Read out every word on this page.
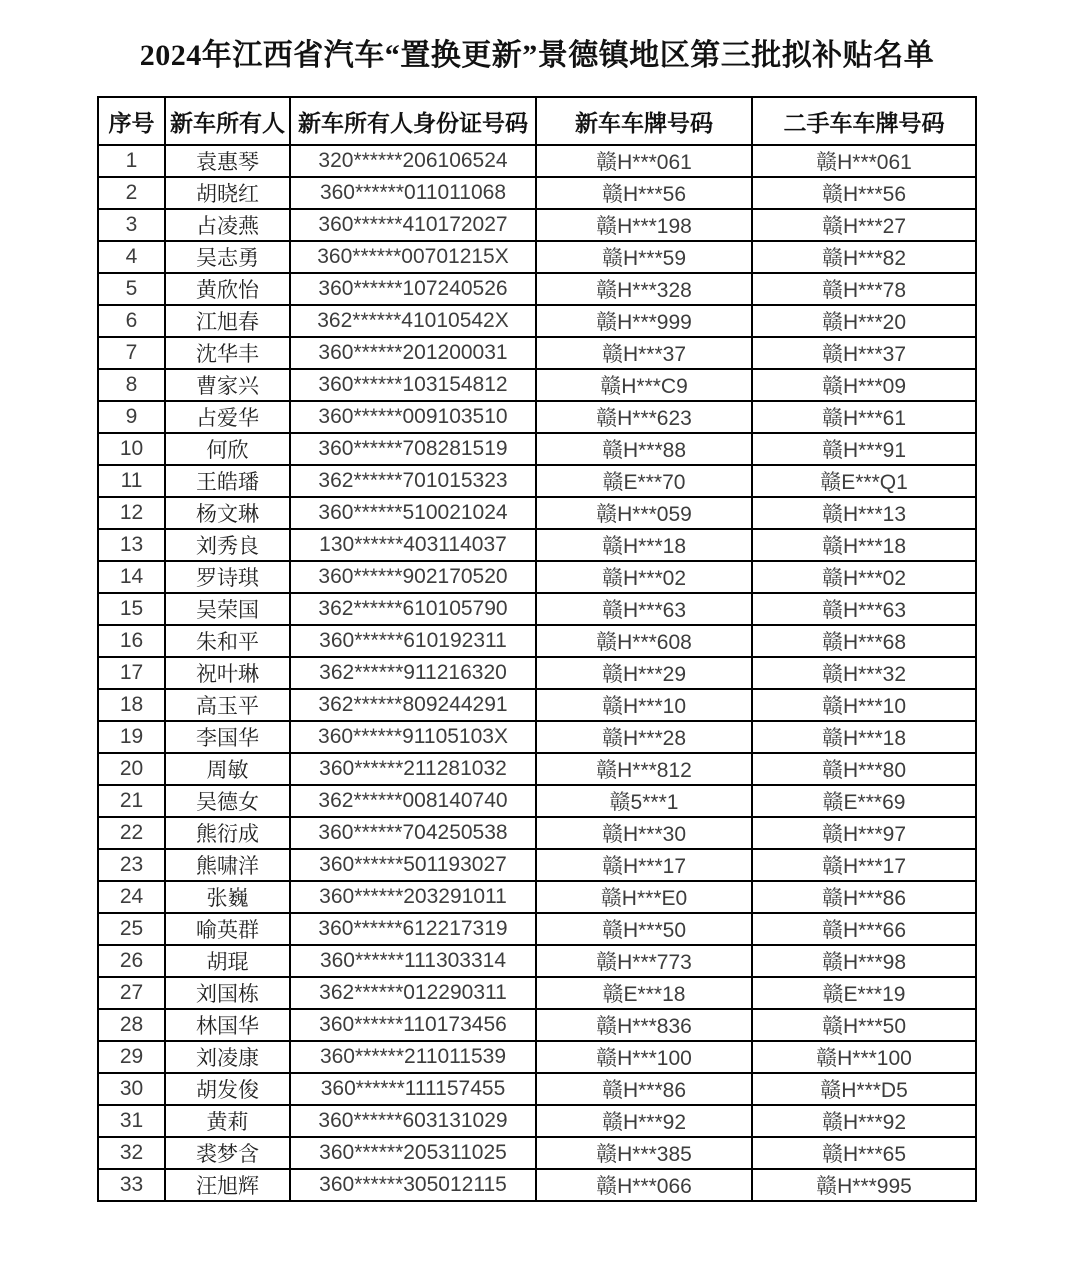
2024年江西省汽车“置换更新”景德镇地区第三批拟补贴名单
序号	新车所有人	新车所有人身份证号码	新车车牌号码	二手车车牌号码
1	袁惠琴	320******206106524	赣H***061	赣H***061
2	胡晓红	360******011011068	赣H***56	赣H***56
3	占凌燕	360******410172027	赣H***198	赣H***27
4	吴志勇	360******00701215X	赣H***59	赣H***82
5	黄欣怡	360******107240526	赣H***328	赣H***78
6	江旭春	362******41010542X	赣H***999	赣H***20
7	沈华丰	360******201200031	赣H***37	赣H***37
8	曹家兴	360******103154812	赣H***C9	赣H***09
9	占爱华	360******009103510	赣H***623	赣H***61
10	何欣	360******708281519	赣H***88	赣H***91
11	王皓璠	362******701015323	赣E***70	赣E***Q1
12	杨文琳	360******510021024	赣H***059	赣H***13
13	刘秀良	130******403114037	赣H***18	赣H***18
14	罗诗琪	360******902170520	赣H***02	赣H***02
15	吴荣国	362******610105790	赣H***63	赣H***63
16	朱和平	360******610192311	赣H***608	赣H***68
17	祝叶琳	362******911216320	赣H***29	赣H***32
18	高玉平	362******809244291	赣H***10	赣H***10
19	李国华	360******91105103X	赣H***28	赣H***18
20	周敏	360******211281032	赣H***812	赣H***80
21	吴德女	362******008140740	赣5***1	赣E***69
22	熊衍成	360******704250538	赣H***30	赣H***97
23	熊啸洋	360******501193027	赣H***17	赣H***17
24	张巍	360******203291011	赣H***E0	赣H***86
25	喻英群	360******612217319	赣H***50	赣H***66
26	胡琨	360******111303314	赣H***773	赣H***98
27	刘国栋	362******012290311	赣E***18	赣E***19
28	林国华	360******110173456	赣H***836	赣H***50
29	刘凌康	360******211011539	赣H***100	赣H***100
30	胡发俊	360******111157455	赣H***86	赣H***D5
31	黄莉	360******603131029	赣H***92	赣H***92
32	裘梦含	360******205311025	赣H***385	赣H***65
33	汪旭辉	360******305012115	赣H***066	赣H***995
